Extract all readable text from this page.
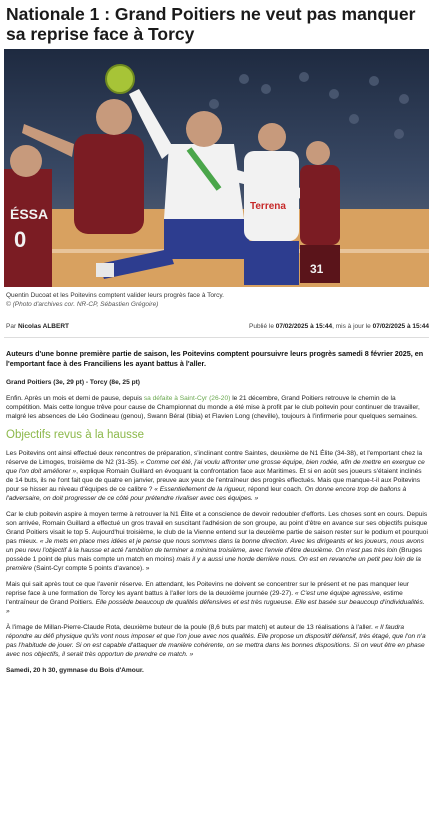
Nationale 1 : Grand Poitiers ne veut pas manquer sa reprise face à Torcy
ÉSSA
0
Terrena
31
Quentin Ducoat et les Poitevins comptent valider leurs progrès face à Torcy.
© (Photo d'archives cor. NR-CP, Sébastien Grégoire)
Par Nicolas ALBERT	Publié le 07/02/2025 à 15:44, mis à jour le 07/02/2025 à 15:44

Auteurs d'une bonne première partie de saison, les Poitevins comptent poursuivre leurs progrès samedi 8 février 2025, en l'emportant face à des Franciliens les ayant battus à l'aller.

Grand Poitiers (3e, 29 pt) - Torcy (8e, 25 pt)

Enfin. Après un mois et demi de pause, depuis sa défaite à Saint-Cyr (26-20) le 21 décembre, Grand Poitiers retrouve le chemin de la compétition. Mais cette longue trêve pour cause de Championnat du monde a été mise à profit par le club poitevin pour continuer de travailler, malgré les absences de Léo Godineau (genou), Swann Béral (tibia) et Flavien Long (cheville), toujours à l'infirmerie pour quelques semaines.

Objectifs revus à la hausse

Les Poitevins ont ainsi effectué deux rencontres de préparation, s'inclinant contre Saintes, deuxième de N1 Élite (34-38), et l'emportant chez la réserve de Limoges, troisième de N2 (31-35). « Comme cet été, j'ai voulu affronter une grosse équipe, bien rodée, afin de mettre en exergue ce que l'on doit améliorer », explique Romain Guillard en évoquant la confrontation face aux Maritimes. Et si en août ses joueurs s'étaient inclinés de 14 buts, ils ne l'ont fait que de quatre en janvier, preuve aux yeux de l'entraîneur des progrès effectués. Mais que manque-t-il aux Poitevins pour se hisser au niveau d'équipes de ce calibre ? « Essentiellement de la rigueur, répond leur coach. On donne encore trop de ballons à l'adversaire, on doit progresser de ce côté pour prétendre rivaliser avec ces équipes. »

Car le club poitevin aspire à moyen terme à retrouver la N1 Élite et a conscience de devoir redoubler d'efforts. Les choses sont en cours. Depuis son arrivée, Romain Guillard a effectué un gros travail en suscitant l'adhésion de son groupe, au point d'être en avance sur ses objectifs puisque Grand Poitiers visait le top 5. Aujourd'hui troisième, le club de la Vienne entend sur la deuxième partie de saison rester sur le podium et pourquoi pas mieux. « Je mets en place mes idées et je pense que nous sommes dans la bonne direction. Avec les dirigeants et les joueurs, nous avons un peu revu l'objectif à la hausse et acté l'ambition de terminer a minima troisième, avec l'envie d'être deuxième. On n'est pas très loin (Bruges possède 1 point de plus mais compte un match en moins) mais il y a aussi une horde derrière nous. On est en revanche un petit peu loin de la première (Saint-Cyr compte 5 points d'avance). »

Mais qui sait après tout ce que l'avenir réserve. En attendant, les Poitevins ne doivent se concentrer sur le présent et ne pas manquer leur reprise face à une formation de Torcy les ayant battus à l'aller lors de la deuxième journée (29-27). « C'est une équipe agressive, estime l'entraîneur de Grand Poitiers. Elle possède beaucoup de qualités défensives et est très rugueuse. Elle est basée sur beaucoup d'individualités. »

À l'image de Millan-Pierre-Claude Rota, deuxième buteur de la poule (8,6 buts par match) et auteur de 13 réalisations à l'aller. « Il faudra répondre au défi physique qu'ils vont nous imposer et que l'on joue avec nos qualités. Elle propose un dispositif défensif, très étagé, que l'on n'a pas l'habitude de jouer. Si on est capable d'attaquer de manière cohérente, on se mettra dans les bonnes dispositions. Si on veut être en phase avec nos objectifs, il serait très opportun de prendre ce match. »

Samedi, 20 h 30, gymnase du Bois d'Amour.
